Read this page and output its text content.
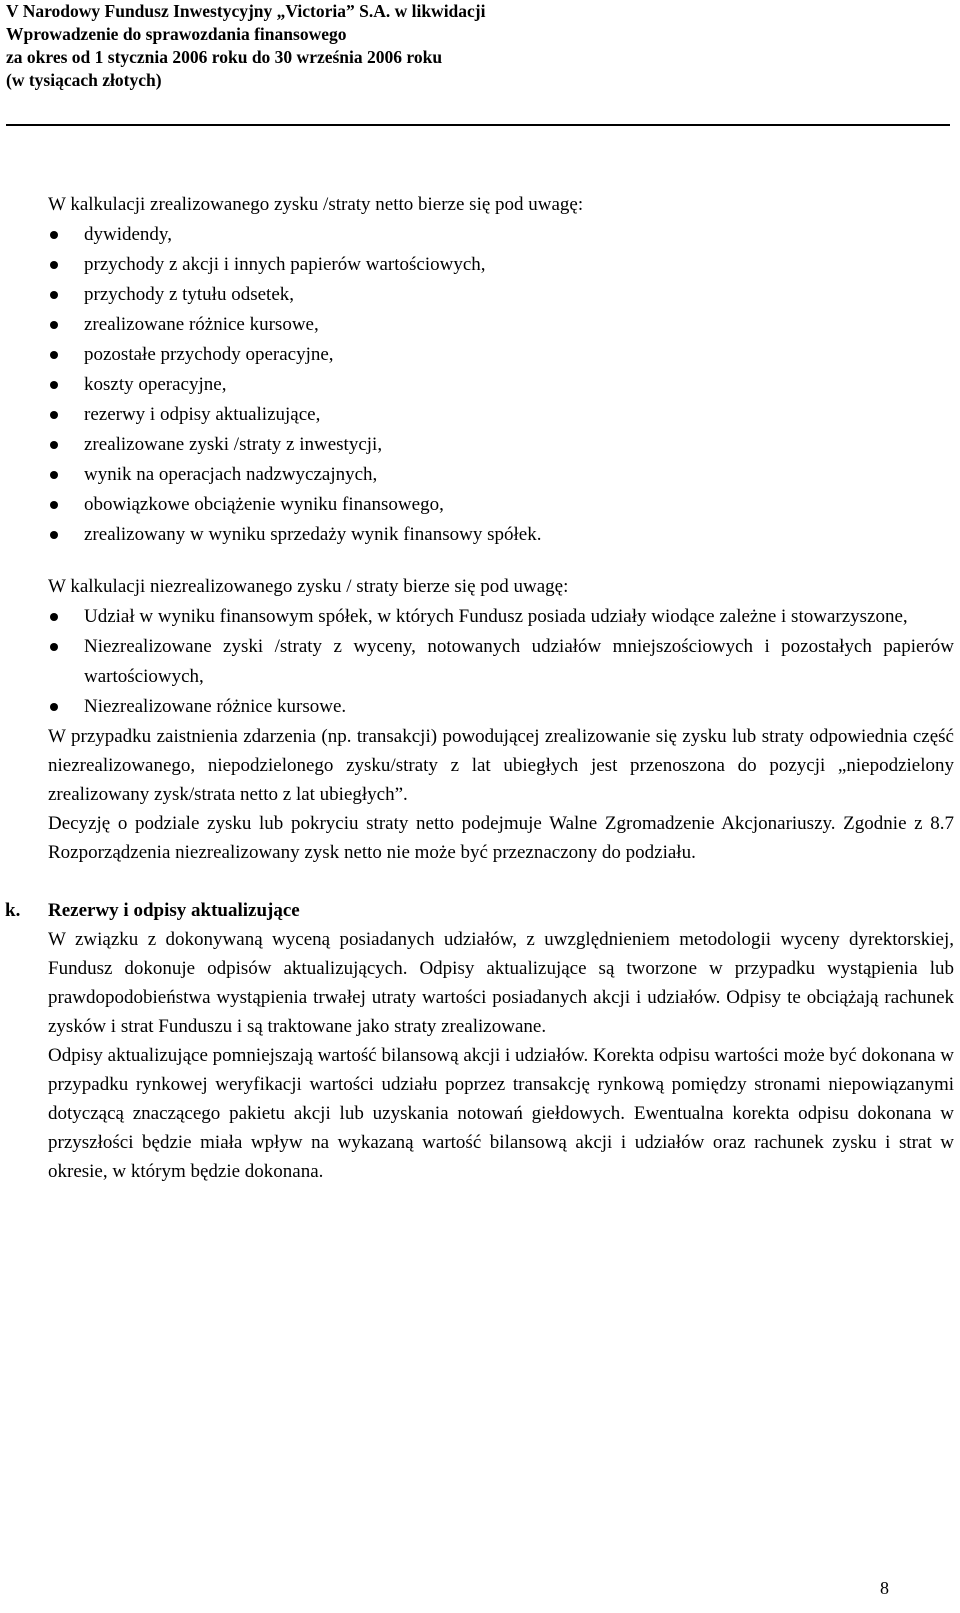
V Narodowy Fundusz Inwestycyjny „Victoria” S.A. w likwidacji
Wprowadzenie do sprawozdania finansowego
za okres od 1 stycznia 2006 roku do 30 września 2006 roku
(w tysiącach złotych)

W kalkulacji zrealizowanego zysku /straty netto bierze się pod uwagę:

dywidendy,
przychody z akcji i innych papierów wartościowych,
przychody z tytułu odsetek,
zrealizowane różnice kursowe,
pozostałe przychody operacyjne,
koszty operacyjne,
rezerwy i odpisy aktualizujące,
zrealizowane zyski /straty z inwestycji,
wynik na operacjach nadzwyczajnych,
obowiązkowe obciążenie wyniku finansowego,
zrealizowany w wyniku sprzedaży wynik finansowy spółek.

W kalkulacji niezrealizowanego zysku / straty bierze się pod uwagę:

Udział w wyniku finansowym spółek, w których Fundusz posiada udziały wiodące zależne i stowarzyszone,
Niezrealizowane zyski /straty z wyceny, notowanych udziałów mniejszościowych i pozostałych papierów wartościowych,
Niezrealizowane różnice kursowe.

W przypadku zaistnienia zdarzenia (np. transakcji) powodującej zrealizowanie się zysku lub straty odpowiednia część niezrealizowanego, niepodzielonego zysku/straty z lat ubiegłych jest przenoszona do pozycji „niepodzielony zrealizowany zysk/strata netto z lat ubiegłych”.

Decyzję o podziale zysku lub pokryciu straty netto podejmuje Walne Zgromadzenie Akcjonariuszy. Zgodnie z 8.7 Rozporządzenia niezrealizowany zysk netto nie może być przeznaczony do podziału.

k. Rezerwy i odpisy aktualizujące

W związku z dokonywaną wyceną posiadanych udziałów, z uwzględnieniem metodologii wyceny dyrektorskiej, Fundusz dokonuje odpisów aktualizujących. Odpisy aktualizujące są tworzone w przypadku wystąpienia lub prawdopodobieństwa wystąpienia trwałej utraty wartości posiadanych akcji i udziałów. Odpisy te obciążają rachunek zysków i strat Funduszu i są traktowane jako straty zrealizowane.

Odpisy aktualizujące pomniejszają wartość bilansową akcji i udziałów. Korekta odpisu wartości może być dokonana w przypadku rynkowej weryfikacji wartości udziału poprzez transakcję rynkową pomiędzy stronami niepowiązanymi dotyczącą znaczącego pakietu akcji lub uzyskania notowań giełdowych. Ewentualna korekta odpisu dokonana w przyszłości będzie miała wpływ na wykazaną wartość bilansową akcji i udziałów oraz rachunek zysku i strat w okresie, w którym będzie dokonana.

8
